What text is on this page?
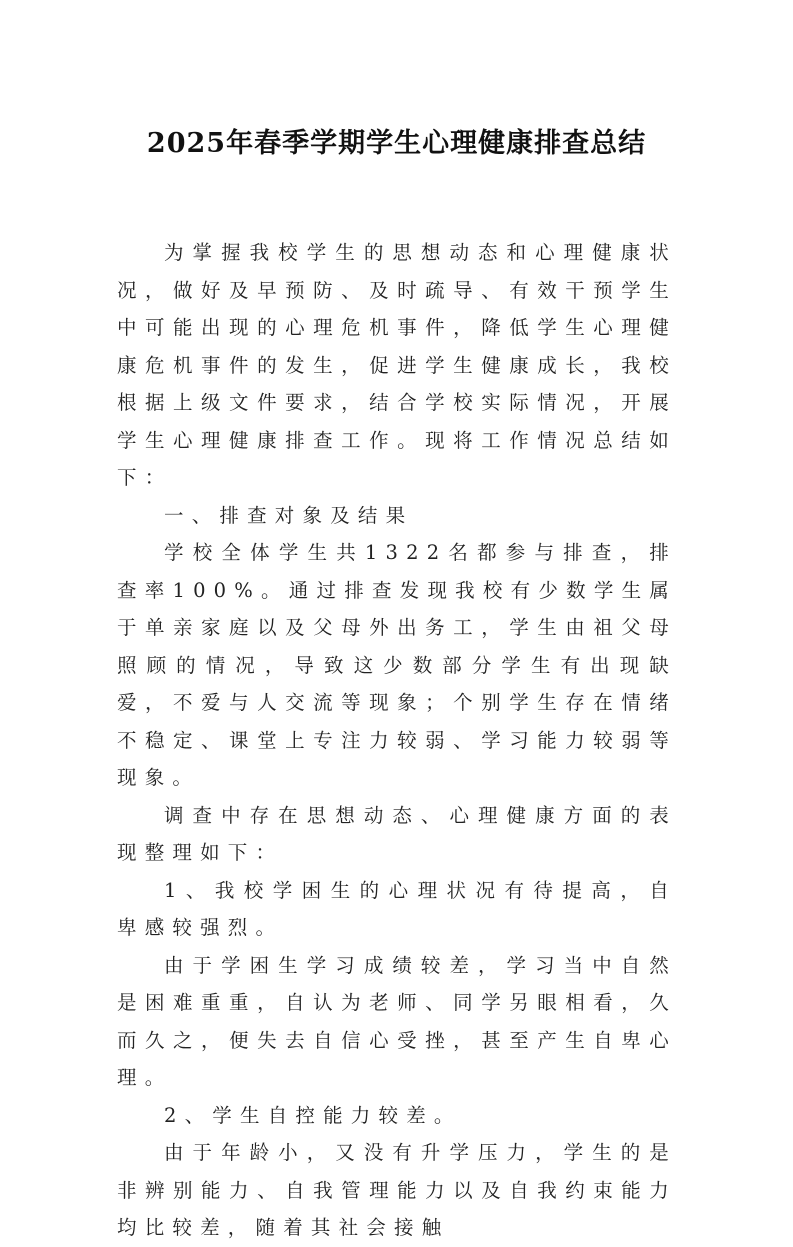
2025年春季学期学生心理健康排查总结

为掌握我校学生的思想动态和心理健康状况，做好及早预防、及时疏导、有效干预学生中可能出现的心理危机事件，降低学生心理健康危机事件的发生，促进学生健康成长，我校根据上级文件要求，结合学校实际情况，开展学生心理健康排查工作。现将工作情况总结如下：

一、排查对象及结果

学校全体学生共1322名都参与排查，排查率100%。通过排查发现我校有少数学生属于单亲家庭以及父母外出务工，学生由祖父母照顾的情况，导致这少数部分学生有出现缺爱，不爱与人交流等现象；个别学生存在情绪不稳定、课堂上专注力较弱、学习能力较弱等现象。

调查中存在思想动态、心理健康方面的表现整理如下：

1、我校学困生的心理状况有待提高，自卑感较强烈。

由于学困生学习成绩较差，学习当中自然是困难重重，自认为老师、同学另眼相看，久而久之，便失去自信心受挫，甚至产生自卑心理。

2、学生自控能力较差。

由于年龄小，又没有升学压力，学生的是非辨别能力、自我管理能力以及自我约束能力均比较差，随着其社会接触
